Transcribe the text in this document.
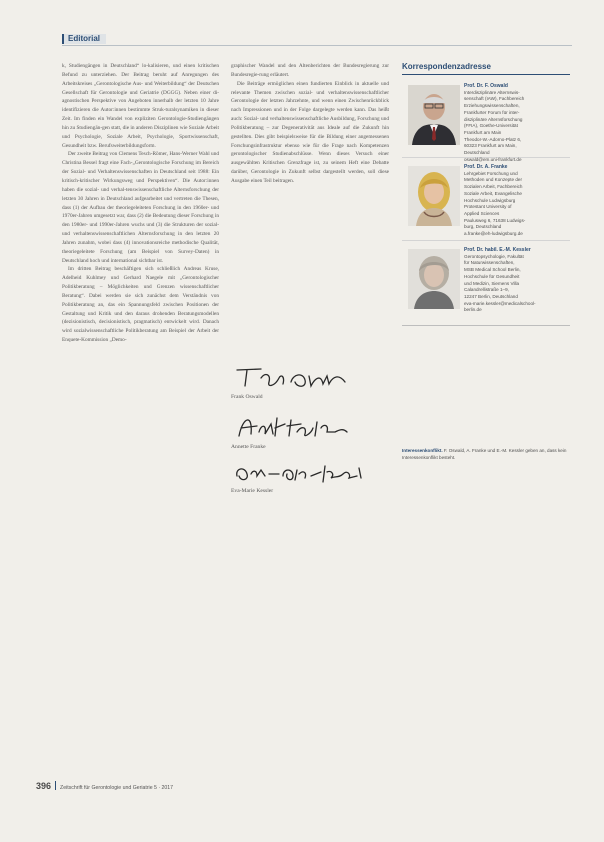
Editorial

k, Studiengängen in Deutschland“ lo-kalisieren, und einen kritischen Befund zu unterziehen. Der Beitrag beruht auf Anregungen des Arbeitskreises „Gerontologische Aus- und Weiterbildung“ der Deutschen Gesellschaft für Gerontologie und Geriatrie (DGGG). Neben einer di-agnostischen Perspektive von Angeboten innerhalb der letzten 10 Jahre identifizieren die Autor:innen bestimmte Struk-turalsynamiken in dieser Zeit. Im finden ein Wandel von expliziten Gerontologie-Studiengängen hin zu Studiengän-gen statt, die in anderen Disziplinen wie Soziale Arbeit und Psychologie, Soziale Arbeit, Psychologie, Sportwissenschaft, Gesundheit bzw. Berufsweiterbildungsform.

Der zweite Beitrag von Clemens Tesch-Römer, Hans-Werner Wahl und Christina Bessel fragt eine Fach-„Gerontologische Forschung im Bereich der Sozial- und Verhaltenswissenschaften in Deutschland seit 1988: Ein kritisch-kritischer Wirkungsweg und Perspektiven“. Die Autor:innen haben die sozial- und verhal-tenswissenschaftliche Alternsforschung der letzten 30 Jahren in Deutschland aufgearbeitet und vertreten die Thesen, dass (1) der Aufbau der theoriegeleiteten Forschung in den 1960er- und 1970er-Jahren umgesetzt war, dass (2) die Bedeutung dieser Forschung in den 1980er- und 1990er-Jahren wuchs und (3) die Strukturen der sozial- und verhaltenswissenschaftlichen Alternsforschung in den letzten 20 Jahren zunahm, wobei dass (4) innovationsreiche methodische Qualität, theoriegeleitete Forschung (am Beispiel von Survey-Daten) in Deutschland hoch und international sichtbar ist.

Im dritten Beitrag beschäftigen sich schließlich Andreas Kruse, Adelheid Kuhlmey und Gerhard Naegele mit „Gerontologischer Politikberatung – Möglichkeiten und Grenzen wissenschaftlicher Beratung“. Dabei werden sie sich zunächst dem Verständnis von Politikberatung an, das ein Spannungsfeld zwischen Positionen der Gestaltung und Kritik und den daraus drohenden Beratungsmodellen (dezisionistisch, decisionistisch, pragmatisch) entwickelt wird. Danach wird sozialwissenschaftliche Politikberatung am Beispiel der Arbeit der Enquete-Kommission „Demo-

graphischer Wandel und den Altenberichten der Bundesregierung zur Bundesregie-rung erläutert.

Die Beiträge ermöglichen einen fundierten Einblick in aktuelle und relevante Themen zwischen sozial- und verhaltenswissenschaftlicher Gerontologie der letzten Jahrzehnte, und wenn einen Zwischenrückblick nach Impressionen und in der Folge dargelegte werden kann. Das heißt auch: Sozial- und verhaltenswissenschaftliche Ausbildung, Forschung und Politikberatung – zur Degenerativität aus Ideale auf die Zukunft hin gestellten. Dies gibt beispielsweise für die Bildung einer angemessenen Forschungsinfrastruktur ebenso wie für die Frage nach Kompetenzen gerontologischer Studienabschlüsse. Wenn dieses Versuch einer ausgewählten Kritischen Grenzfrage ist, zu seinem Heft eine Debatte darüber, Gerontologie in Zukunft selbst dargestellt werden, soll diese Ausgabe einen Teil beitragen.

Frank Oswald
Annette Franke
Eva-Marie Kessler
Korrespondenzadresse
Prof. Dr. F. Oswald
Interdisziplinäre Alternswis-
senschaft (IAW), Fachbereich
Erziehungswissenschaften,
Frankfurter Forum für inter-
disziplinäre Alternsforschung
(FFIA), Goethe-Universität
Frankfurt am Main
Theodor-W.-Adorno-Platz 6,
60323 Frankfurt am Main,
Deutschland
oswald@em.uni-frankfurt.de
Prof. Dr. A. Franke
Lehrgebiet Forschung und
Methoden und Konzepte der
Sozialen Arbeit, Fachbereich
Soziale Arbeit, Evangelische
Hochschule Ludwigsburg
Protestant University of
Applied Sciences
Paulusweg 6, 71638 Ludwigs-
burg, Deutschland
a.franke@eh-ludwigsburg.de
Prof. Dr. habil. E.-M. Kessler
Gerontopsychologie, Fakultät
für Naturwissenschaften,
MSB Medical School Berlin,
Hochschule für Gesundheit
und Medizin, Siemens Villa
Calandrellistraße 1–9,
12247 Berlin, Deutschland
eva-marie.kessler@medicalschool-
berlin.de
Interessenkonflikt. F. Oswald, A. Franke und E.-M. Kessler geben an, dass kein Interessenkonflikt besteht.
396 Zeitschrift für Gerontologie und Geriatrie 5 · 2017
